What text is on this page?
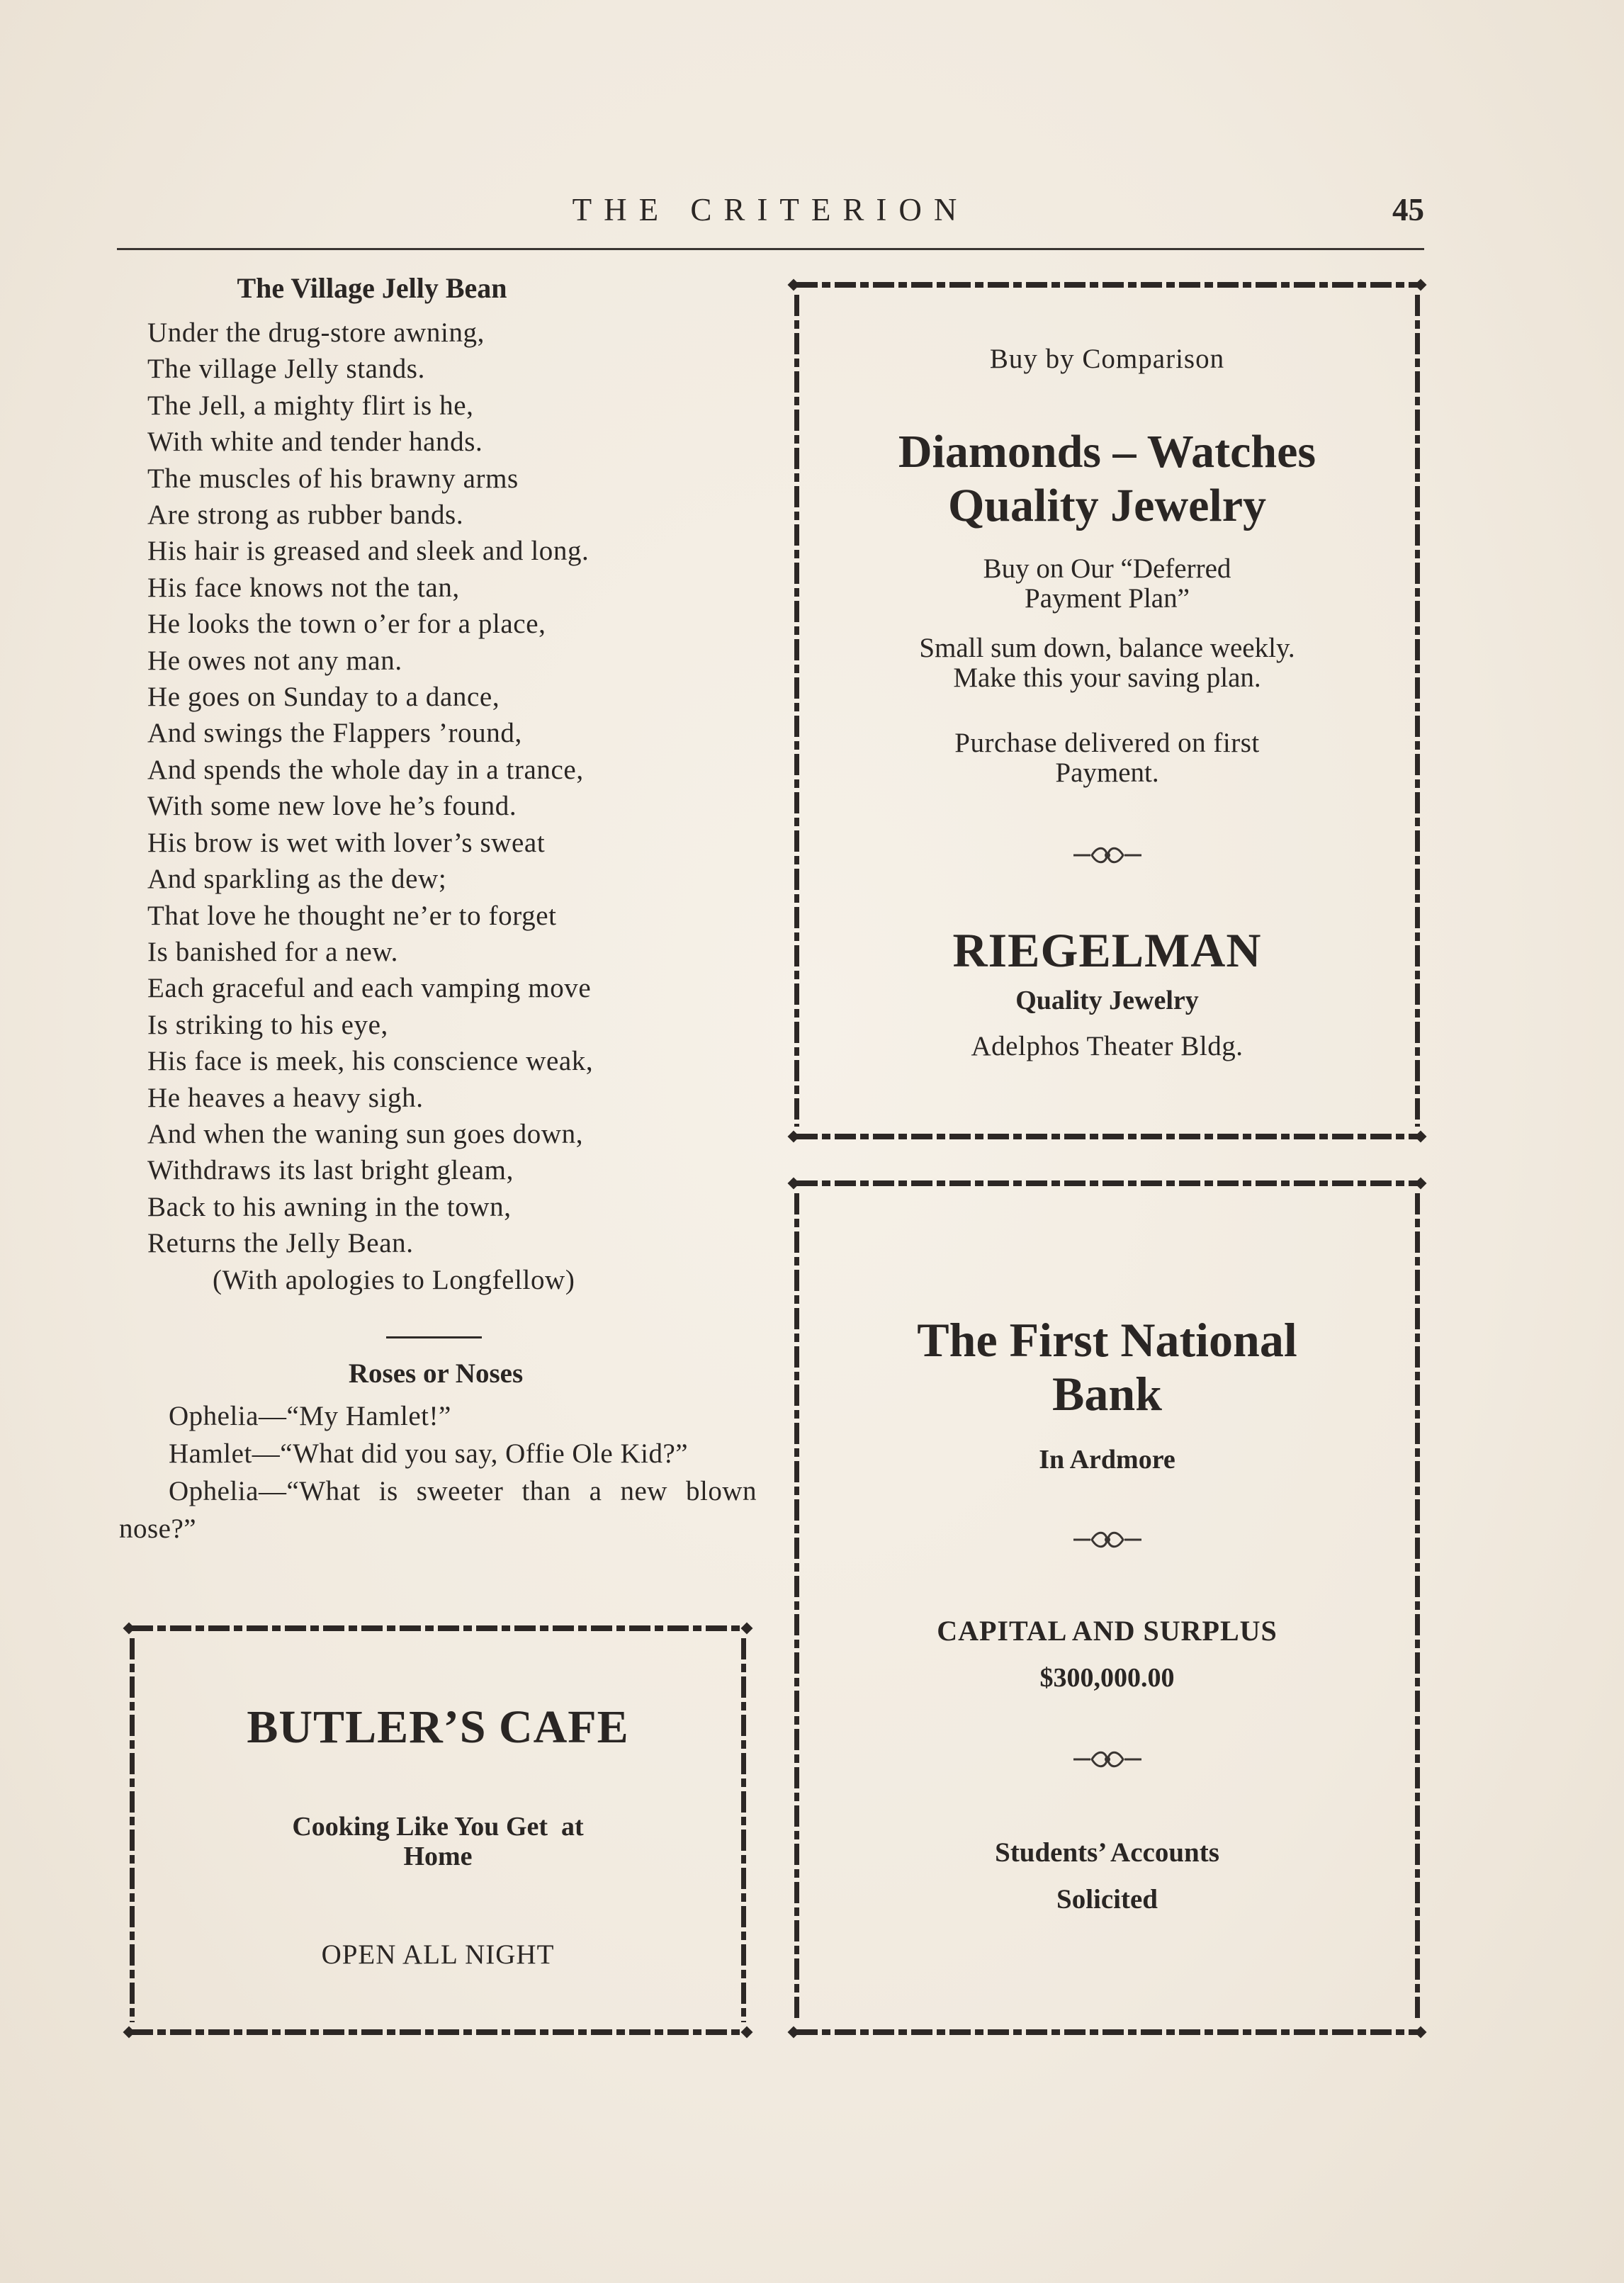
THE CRITERION	45
The Village Jelly Bean
Under the drug-store awning,
The village Jelly stands.
The Jell, a mighty flirt is he,
With white and tender hands.
The muscles of his brawny arms
Are strong as rubber bands.
His hair is greased and sleek and long.
His face knows not the tan,
He looks the town o’er for a place,
He owes not any man.
He goes on Sunday to a dance,
And swings the Flappers ’round,
And spends the whole day in a trance,
With some new love he’s found.
His brow is wet with lover’s sweat
And sparkling as the dew;
That love he thought ne’er to forget
Is banished for a new.
Each graceful and each vamping move
Is striking to his eye,
His face is meek, his conscience weak,
He heaves a heavy sigh.
And when the waning sun goes down,
Withdraws its last bright gleam,
Back to his awning in the town,
Returns the Jelly Bean.
(With apologies to Longfellow)
Roses or Noses
Ophelia—“My Hamlet!”
Hamlet—“What did you say, Offie Ole Kid?”
Ophelia—“What is sweeter than a new blown nose?”
BUTLER’S CAFE
Cooking Like You Get  at
Home
OPEN ALL NIGHT
Buy by Comparison
Diamonds – Watches
Quality Jewelry
Buy on Our “Deferred
Payment Plan”
Small sum down, balance weekly.
Make this your saving plan.
Purchase delivered on first
Payment.
RIEGELMAN
Quality Jewelry
Adelphos Theater Bldg.
The First National
Bank
In Ardmore
CAPITAL AND SURPLUS
$300,000.00
Students’ Accounts
Solicited
